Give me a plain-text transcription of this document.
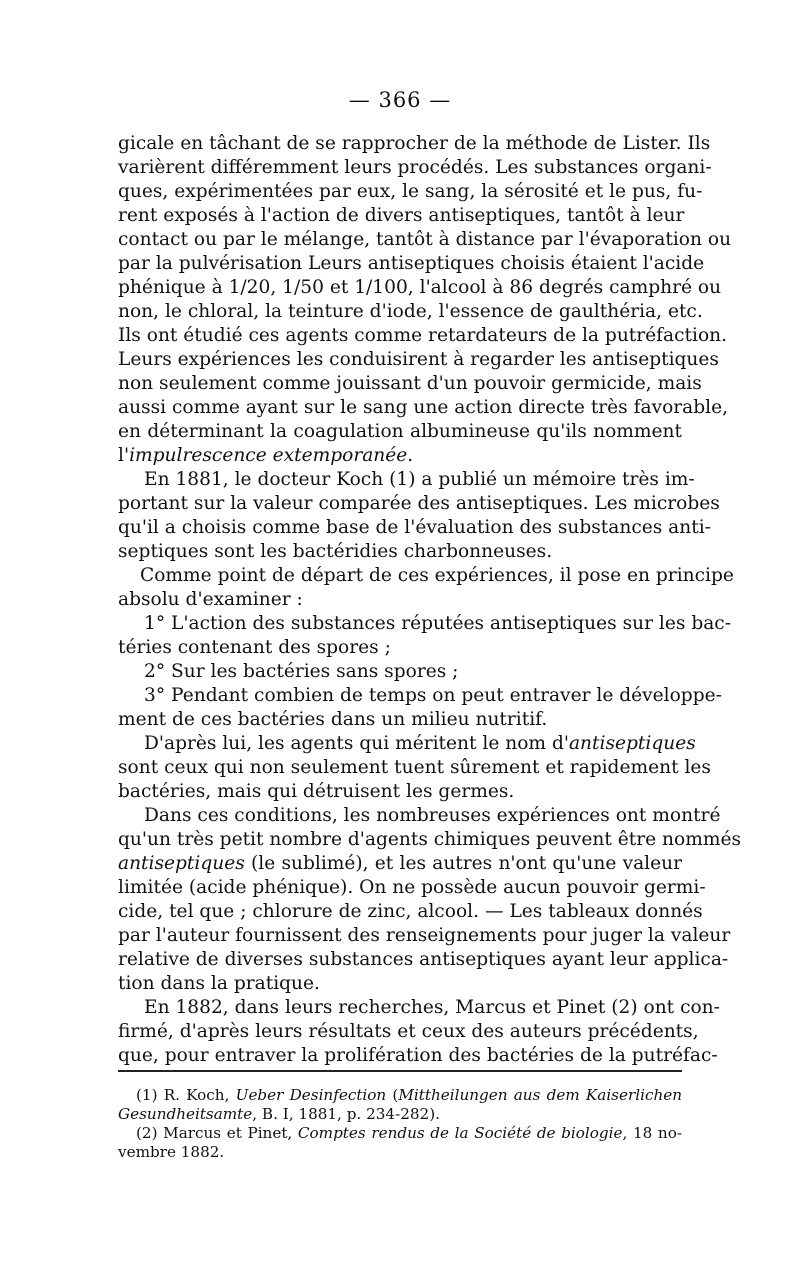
— 366 —
gicale en tâchant de se rapprocher de la méthode de Lister. Ils
varièrent différemment leurs procédés. Les substances organi-
ques, expérimentées par eux, le sang, la sérosité et le pus, fu-
rent exposés à l'action de divers antiseptiques, tantôt à leur
contact ou par le mélange, tantôt à distance par l'évaporation ou
par la pulvérisation Leurs antiseptiques choisis étaient l'acide
phénique à 1/20, 1/50 et 1/100, l'alcool à 86 degrés camphré ou
non, le chloral, la teinture d'iode, l'essence de gaulthéria, etc.
Ils ont étudié ces agents comme retardateurs de la putréfaction.
Leurs expériences les conduisirent à regarder les antiseptiques
non seulement comme jouissant d'un pouvoir germicide, mais
aussi comme ayant sur le sang une action directe très favorable,
en déterminant la coagulation albumineuse qu'ils nomment
l'impulrescence extemporanée.
En 1881, le docteur Koch (1) a publié un mémoire très im-
portant sur la valeur comparée des antiseptiques. Les microbes
qu'il a choisis comme base de l'évaluation des substances anti-
septiques sont les bactéridies charbonneuses.
Comme point de départ de ces expériences, il pose en principe
absolu d'examiner :
1° L'action des substances réputées antiseptiques sur les bac-
téries contenant des spores ;
2° Sur les bactéries sans spores ;
3° Pendant combien de temps on peut entraver le développe-
ment de ces bactéries dans un milieu nutritif.
D'après lui, les agents qui méritent le nom d'antiseptiques
sont ceux qui non seulement tuent sûrement et rapidement les
bactéries, mais qui détruisent les germes.
Dans ces conditions, les nombreuses expériences ont montré
qu'un très petit nombre d'agents chimiques peuvent être nommés
antiseptiques (le sublimé), et les autres n'ont qu'une valeur
limitée (acide phénique). On ne possède aucun pouvoir germi-
cide, tel que ; chlorure de zinc, alcool. — Les tableaux donnés
par l'auteur fournissent des renseignements pour juger la valeur
relative de diverses substances antiseptiques ayant leur applica-
tion dans la pratique.
En 1882, dans leurs recherches, Marcus et Pinet (2) ont con-
firmé, d'après leurs résultats et ceux des auteurs précédents,
que, pour entraver la prolifération des bactéries de la putréfac-
(1) R. Koch, Ueber Desinfection (Mittheilungen aus dem Kaiserlichen
Gesundheitsamte, B. I, 1881, p. 234-282).
(2) Marcus et Pinet, Comptes rendus de la Société de biologie, 18 no-
vembre 1882.
